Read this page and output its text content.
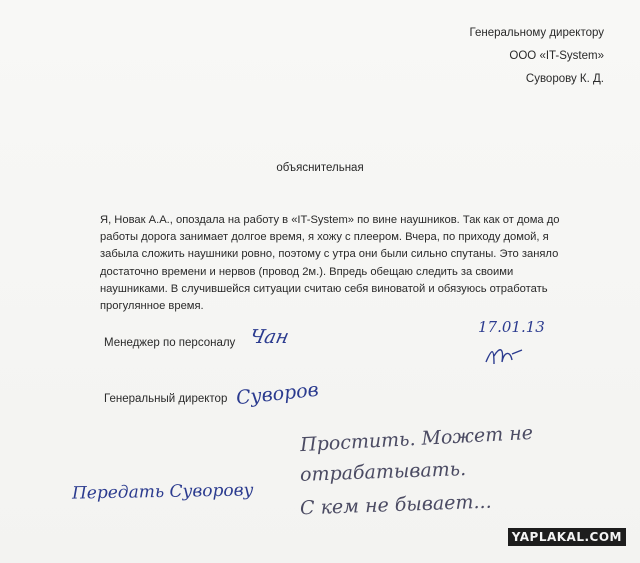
Генеральному директору
ООО «IT-System»
Суворову К. Д.
объяснительная

Я, Новак А.А., опоздала на работу в «IT-System» по вине наушников. Так как от дома до работы дорога занимает долгое время, я хожу с плеером. Вчера, по приходу домой, я забыла сложить наушники ровно, поэтому с утра они были сильно спутаны. Это заняло достаточно времени и нервов (провод 2м.). Впредь обещаю следить за своими наушниками. В случившейся ситуации считаю себя виноватой и обязуюсь отработать прогулянное время.

Менеджер по персоналу Чан	17.01.13
Генеральный директор Суворов
Простить. Может не
отрабатывать.
С кем не бывает...
Передать Суворову
YAPLAKAL.COM
